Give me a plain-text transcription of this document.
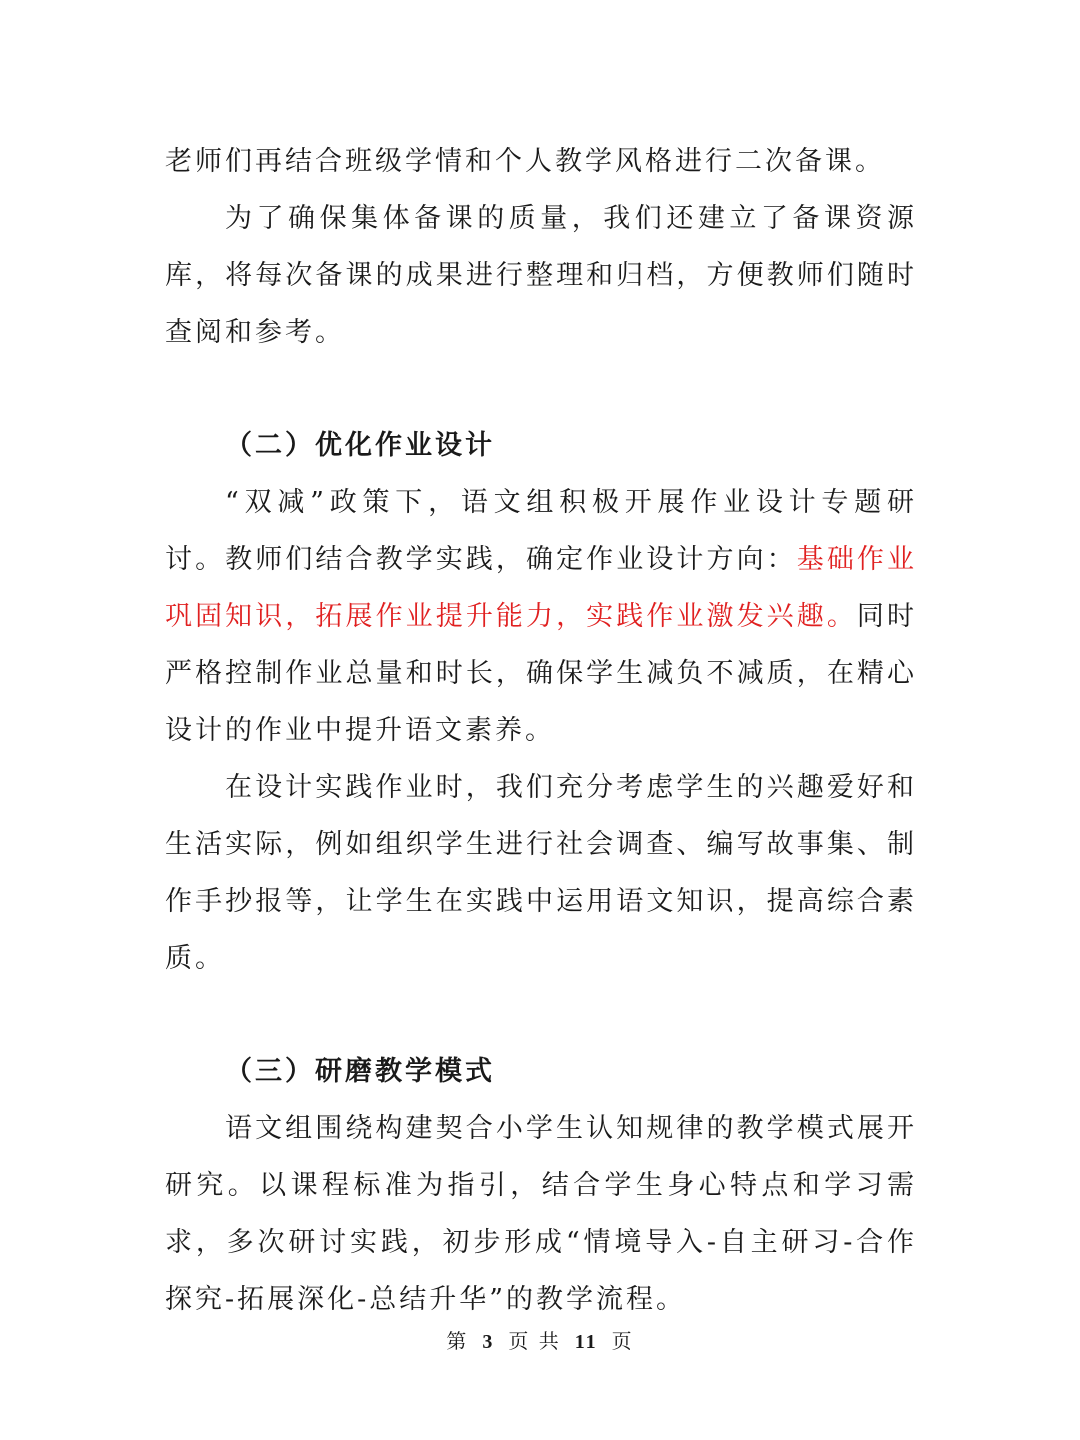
老师们再结合班级学情和个人教学风格进行二次备课。

为了确保集体备课的质量，我们还建立了备课资源库，将每次备课的成果进行整理和归档，方便教师们随时查阅和参考。

（二）优化作业设计

“双减”政策下，语文组积极开展作业设计专题研讨。教师们结合教学实践，确定作业设计方向：基础作业巩固知识，拓展作业提升能力，实践作业激发兴趣。同时严格控制作业总量和时长，确保学生减负不减质，在精心设计的作业中提升语文素养。

在设计实践作业时，我们充分考虑学生的兴趣爱好和生活实际，例如组织学生进行社会调查、编写故事集、制作手抄报等，让学生在实践中运用语文知识，提高综合素质。

（三）研磨教学模式

语文组围绕构建契合小学生认知规律的教学模式展开研究。以课程标准为指引，结合学生身心特点和学习需求，多次研讨实践，初步形成“情境导入-自主研习-合作探究-拓展深化-总结升华”的教学流程。

第 3 页 共 11 页
